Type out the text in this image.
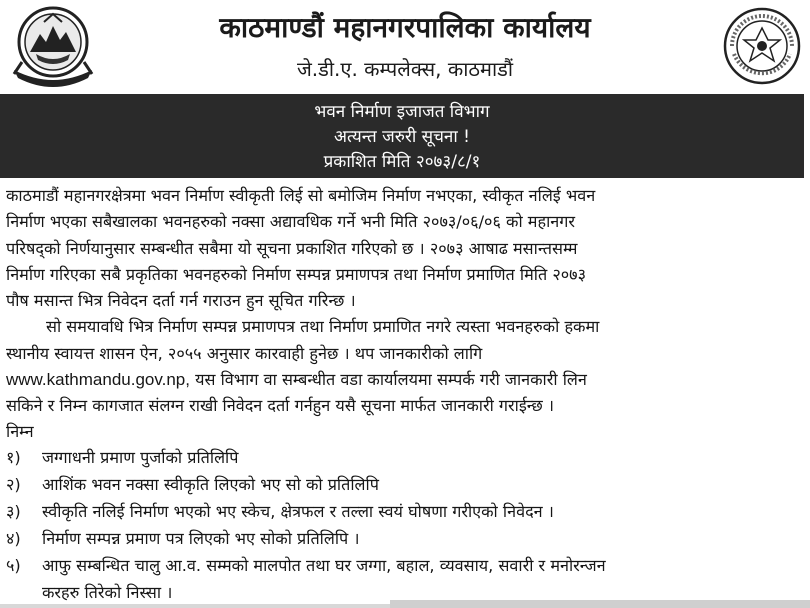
काठमाण्डौं महानगरपालिका कार्यालय
जे.डी.ए. कम्पलेक्स, काठमाडौं
भवन निर्माण इजाजत विभाग
अत्यन्त जरुरी सूचना !
प्रकाशित मिति २०७३/८/१
काठमाडौं महानगरक्षेत्रमा भवन निर्माण स्वीकृती लिई सो बमोजिम निर्माण नभएका, स्वीकृत नलिई भवन
निर्माण भएका सबैखालका भवनहरुको नक्सा अद्यावधिक गर्ने भनी मिति २०७३/०६/०६ को महानगर
परिषद्को निर्णयानुसार सम्बन्धीत सबैमा यो सूचना प्रकाशित गरिएको छ । २०७३ आषाढ मसान्तसम्म
निर्माण गरिएका सबै प्रकृतिका भवनहरुको निर्माण सम्पन्न प्रमाणपत्र तथा निर्माण प्रमाणित मिति २०७३
पौष मसान्त भित्र निवेदन दर्ता गर्न गराउन हुन सूचित गरिन्छ ।
सो समयावधि भित्र निर्माण सम्पन्न प्रमाणपत्र तथा निर्माण प्रमाणित नगरे त्यस्ता भवनहरुको हकमा
स्थानीय स्वायत्त शासन ऐन, २०५५ अनुसार कारवाही हुनेछ । थप जानकारीको लागि
www.kathmandu.gov.np, यस विभाग वा सम्बन्धीत वडा कार्यालयमा सम्पर्क गरी जानकारी लिन
सकिने र निम्न कागजात संलग्न राखी निवेदन दर्ता गर्नहुन यसै सूचना मार्फत जानकारी गराईन्छ ।
निम्न
१)	जग्गाधनी प्रमाण पुर्जाको प्रतिलिपि
२)	आशिंक भवन नक्सा स्वीकृति लिएको भए सो को प्रतिलिपि
३)	स्वीकृति नलिई निर्माण भएको भए स्केच, क्षेत्रफल र तल्ला स्वयं घोषणा गरीएको निवेदन ।
४)	निर्माण सम्पन्न प्रमाण पत्र लिएको भए सोको प्रतिलिपि ।
५)	आफु सम्बन्धित चालु आ.व. सम्मको मालपोत तथा घर जग्गा, बहाल, व्यवसाय, सवारी र मनोरन्जन
करहरु तिरेको निस्सा ।
